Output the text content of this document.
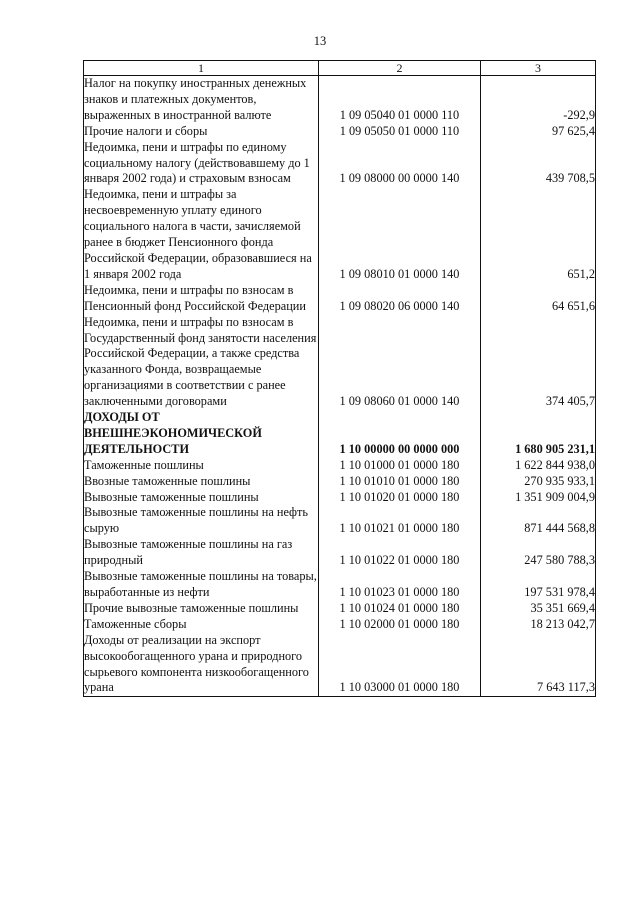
13
1	2	3
Налог на покупку иностранных денежных знаков и платежных документов, выраженных в иностранной валюте	1 09 05040 01 0000 110	-292,9
Прочие налоги и сборы	1 09 05050 01 0000 110	97 625,4
Недоимка, пени и штрафы по единому социальному налогу (действовавшему до 1 января 2002 года) и страховым взносам	1 09 08000 00 0000 140	439 708,5
Недоимка, пени и штрафы за несвоевременную уплату единого социального налога в части, зачисляемой ранее в бюджет Пенсионного фонда Российской Федерации, образовавшиеся на 1 января 2002 года	1 09 08010 01 0000 140	651,2
Недоимка, пени и штрафы по взносам в Пенсионный фонд Российской Федерации	1 09 08020 06 0000 140	64 651,6
Недоимка, пени и штрафы по взносам в Государственный фонд занятости населения Российской Федерации, а также средства указанного Фонда, возвращаемые организациями в соответствии с ранее заключенными договорами	1 09 08060 01 0000 140	374 405,7
ДОХОДЫ ОТ ВНЕШНЕЭКОНОМИЧЕСКОЙ ДЕЯТЕЛЬНОСТИ	1 10 00000 00 0000 000	1 680 905 231,1
Таможенные пошлины	1 10 01000 01 0000 180	1 622 844 938,0
Ввозные таможенные пошлины	1 10 01010 01 0000 180	270 935 933,1
Вывозные таможенные пошлины	1 10 01020 01 0000 180	1 351 909 004,9
Вывозные таможенные пошлины на нефть сырую	1 10 01021 01 0000 180	871 444 568,8
Вывозные таможенные пошлины на газ природный	1 10 01022 01 0000 180	247 580 788,3
Вывозные таможенные пошлины на товары, выработанные из нефти	1 10 01023 01 0000 180	197 531 978,4
Прочие вывозные таможенные пошлины	1 10 01024 01 0000 180	35 351 669,4
Таможенные сборы	1 10 02000 01 0000 180	18 213 042,7
Доходы от реализации на экспорт высокообогащенного урана и природного сырьевого компонента низкообогащенного урана	1 10 03000 01 0000 180	7 643 117,3
